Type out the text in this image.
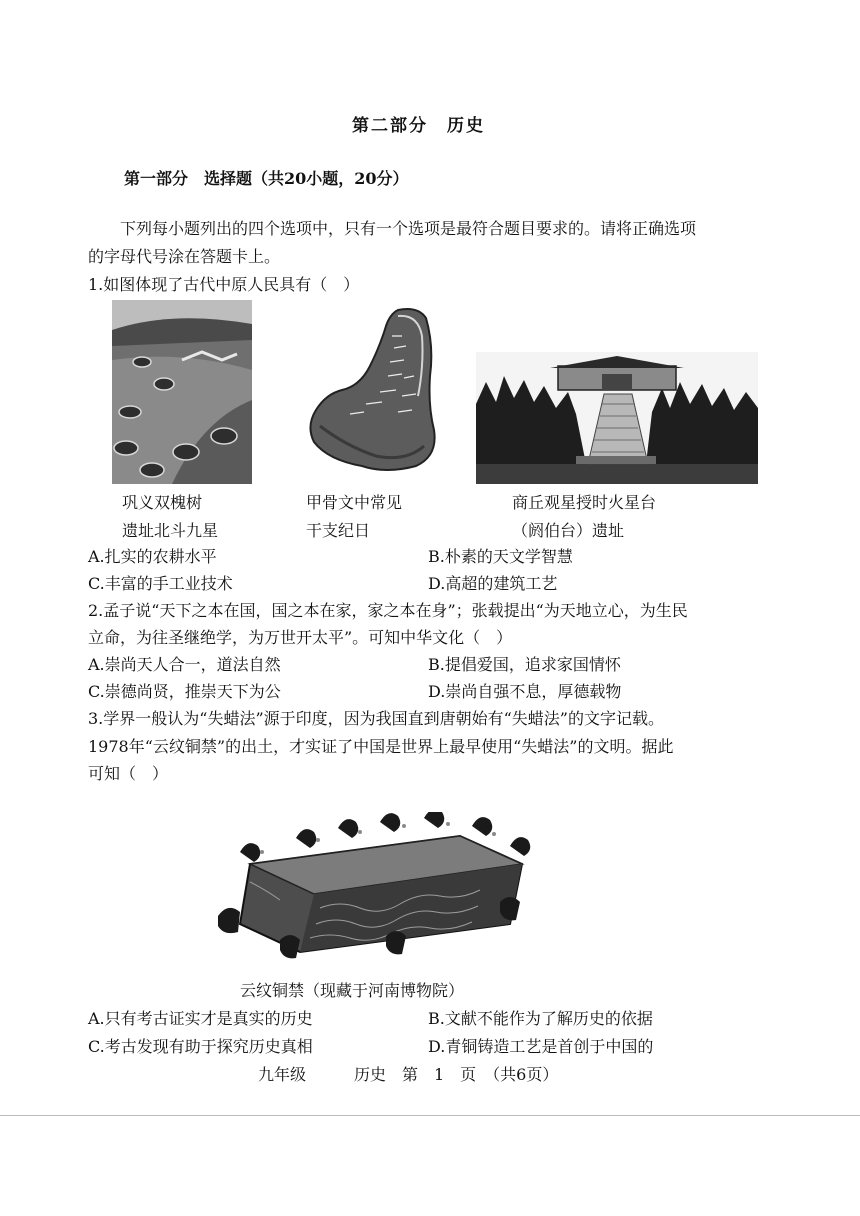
第二部分　历史
第一部分　选择题（共20小题，20分）
下列每小题列出的四个选项中，只有一个选项是最符合题目要求的。请将正确选项
的字母代号涂在答题卡上。
1.如图体现了古代中原人民具有（　）
巩义双槐树
遗址北斗九星
甲骨文中常见
干支纪日
商丘观星授时火星台
（阏伯台）遗址
A.扎实的农耕水平	B.朴素的天文学智慧
C.丰富的手工业技术	D.高超的建筑工艺
2.孟子说“天下之本在国，国之本在家，家之本在身”；张载提出“为天地立心，为生民
立命，为往圣继绝学，为万世开太平”。可知中华文化（　）
A.崇尚天人合一，道法自然	B.提倡爱国，追求家国情怀
C.崇德尚贤，推崇天下为公	D.崇尚自强不息，厚德载物
3.学界一般认为“失蜡法”源于印度，因为我国直到唐朝始有“失蜡法”的文字记载。
1978年“云纹铜禁”的出土，才实证了中国是世界上最早使用“失蜡法”的文明。据此
可知（　）
云纹铜禁（现藏于河南博物院）
A.只有考古证实才是真实的历史	B.文献不能作为了解历史的依据
C.考古发现有助于探究历史真相	D.青铜铸造工艺是首创于中国的
九年级　　　历史　第　1　页　（共6页）
